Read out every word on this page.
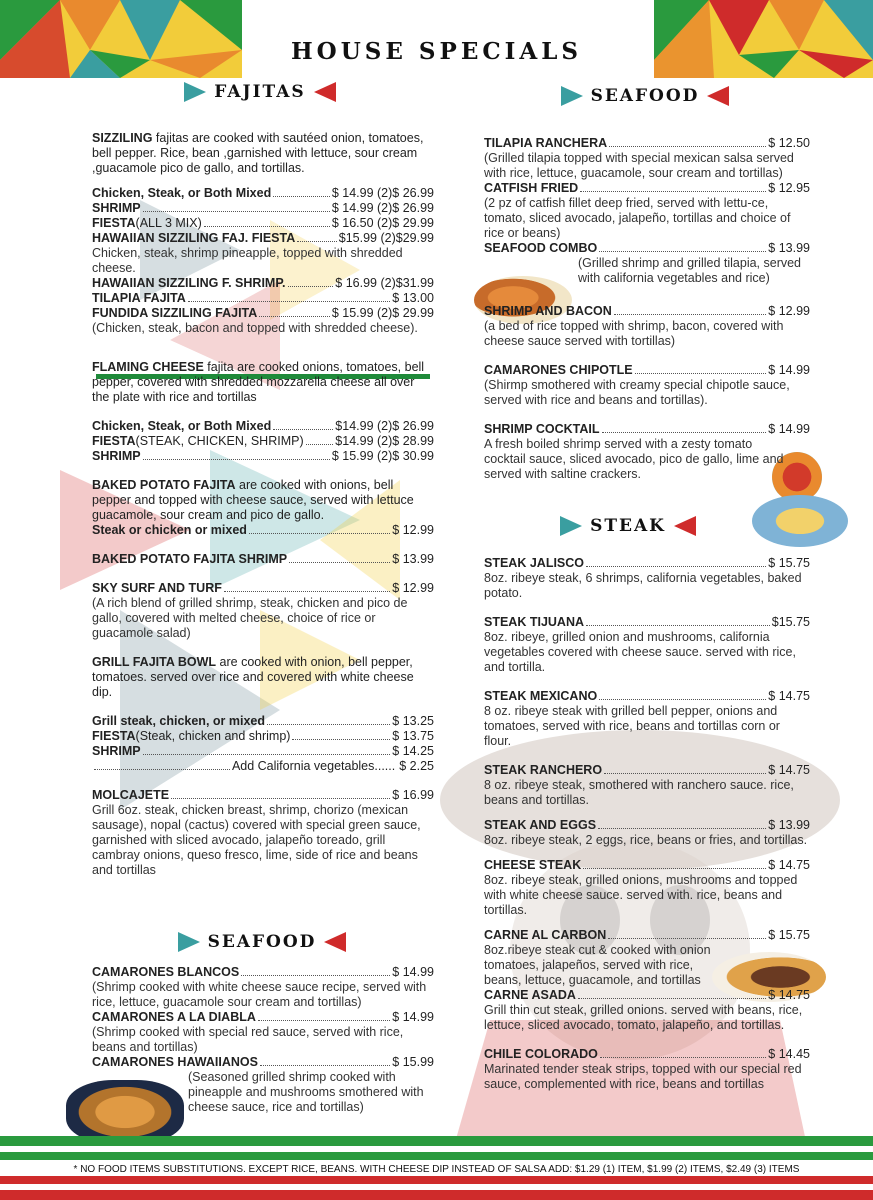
HOUSE SPECIALS
FAJITAS	SEAFOOD
STEAK
SEAFOOD

SIZZILING fajitas are cooked with sautéed onion, tomatoes, bell pepper. Rice, bean ,garnished with lettuce, sour cream ,guacamole pico de gallo, and tortillas.

Chicken, Steak, or Both Mixed	$ 14.99 (2)$ 26.99
SHRIMP	$ 14.99 (2)$ 26.99
FIESTA (ALL 3 MIX)	$ 16.50 (2)$ 29.99
HAWAIIAN SIZZILING FAJ. FIESTA	$15.99 (2)$29.99

Chicken, steak, shrimp pineapple, topped with shredded cheese.

HAWAIIAN SIZZILING F. SHRIMP.	$ 16.99 (2)$31.99
TILAPIA FAJITA	$ 13.00
FUNDIDA SIZZILING FAJITA	$ 15.99 (2)$ 29.99

(Chicken, steak, bacon and topped with shredded cheese).

FLAMING CHEESE fajita are cooked onions, tomatoes, bell pepper, covered with shredded mozzarella cheese all over the plate with rice and tortillas

Chicken, Steak, or Both Mixed	$14.99 (2)$ 26.99
FIESTA (STEAK, CHICKEN, SHRIMP)	$14.99 (2)$ 28.99
SHRIMP	$ 15.99 (2)$ 30.99

BAKED POTATO FAJITA are cooked with onions, bell pepper and topped with cheese sauce, served with lettuce guacamole, sour cream and pico de gallo.

Steak or chicken or mixed	$ 12.99
BAKED POTATO FAJITA SHRIMP	$ 13.99
SKY SURF AND TURF	$ 12.99

(A rich blend of grilled shrimp, steak, chicken and pico de gallo, covered with melted cheese, choice of rice or guacamole salad)

GRILL FAJITA BOWL are cooked with onion, bell pepper, tomatoes. served over rice and covered with white cheese dip.

Grill steak, chicken, or mixed	$ 13.25
FIESTA (Steak, chicken and shrimp)	$ 13.75
SHRIMP	$ 14.25
Add California vegetables...... $ 2.25
MOLCAJETE	$ 16.99

Grill 6oz. steak, chicken breast, shrimp, chorizo (mexican sausage), nopal (cactus) covered with special green sauce, garnished with sliced avocado, jalapeño toreado, grill cambray onions, queso fresco, lime, side of rice and beans and tortillas

CAMARONES BLANCOS	$ 14.99

(Shrimp cooked with white cheese sauce recipe, served with rice, lettuce, guacamole sour cream and tortillas)

CAMARONES A LA DIABLA	$ 14.99

(Shrimp cooked with special red sauce, served with rice, beans and tortillas)

CAMARONES HAWAIIANOS	$ 15.99

(Seasoned grilled shrimp cooked with pineapple and mushrooms smothered with cheese sauce, rice and tortillas)

TILAPIA RANCHERA	$ 12.50

(Grilled tilapia topped with special mexican salsa served with rice, lettuce, guacamole, sour cream and tortillas)

CATFISH FRIED	$ 12.95

(2 pz of catfish fillet deep fried, served with lettu-ce, tomato, sliced avocado, jalapeño, tortillas and choice of rice or beans)

SEAFOOD COMBO	$ 13.99

(Grilled shrimp and grilled tilapia, served with california vegetables and rice)

SHRIMP AND BACON	$ 12.99

(a bed of rice topped with shrimp, bacon, covered with cheese sauce served with tortillas)

CAMARONES CHIPOTLE	$ 14.99

(Shirmp smothered with creamy special chipotle sauce, served with rice and beans and tortillas).

SHRIMP COCKTAIL	$ 14.99

A fresh boiled shrimp served with a zesty tomato cocktail sauce, sliced avocado, pico de gallo, lime and served with saltine crackers.

STEAK JALISCO	$ 15.75

8oz. ribeye steak, 6 shrimps, california vegetables, baked potato.

STEAK TIJUANA	$15.75

8oz. ribeye, grilled onion and mushrooms, california vegetables covered with cheese sauce. served with rice, and tortilla.

STEAK MEXICANO	$ 14.75

8 oz. ribeye steak with grilled bell pepper, onions and tomatoes, served with rice, beans and tortillas corn or flour.

STEAK RANCHERO	$ 14.75

8 oz. ribeye steak, smothered with ranchero sauce. rice, beans and tortillas.

STEAK AND EGGS	$ 13.99

8oz. ribeye steak, 2 eggs, rice, beans or fries, and tortillas.

CHEESE STEAK	$ 14.75

8oz. ribeye steak, grilled onions, mushrooms and topped with white cheese sauce. served with. rice, beans and tortillas.

CARNE AL CARBON	$ 15.75

8oz.ribeye steak cut & cooked with onion tomatoes, jalapeños, served with rice, beans, lettuce, guacamole, and tortillas

CARNE ASADA	$ 14.75

Grill thin cut steak, grilled onions. served with beans, rice, lettuce, sliced avocado, tomato, jalapeño, and tortillas.

CHILE COLORADO	$ 14.45

Marinated tender steak strips, topped with our special red sauce, complemented with rice, beans and tortillas

* NO FOOD ITEMS SUBSTITUTIONS. EXCEPT RICE, BEANS. WITH CHEESE DIP INSTEAD OF SALSA ADD: $1.29 (1) ITEM, $1.99 (2) ITEMS, $2.49 (3) ITEMS
